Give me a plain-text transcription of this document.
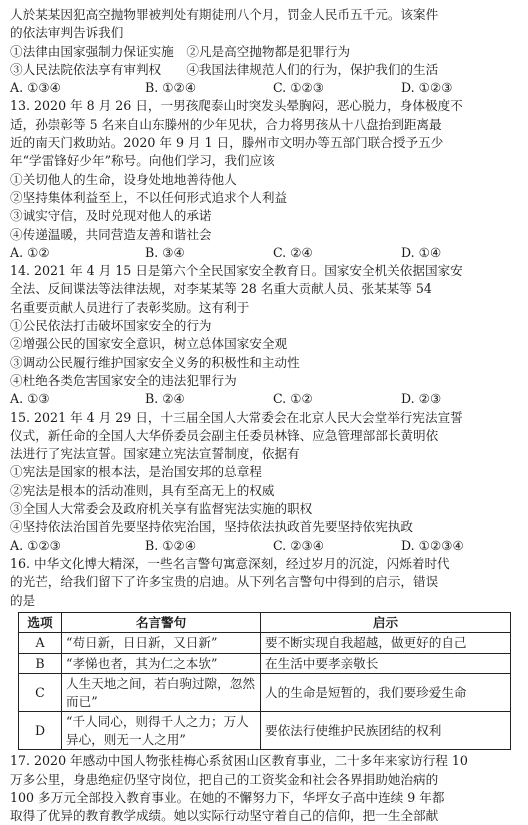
人於某某因犯高空抛物罪被判处有期徒刑八个月，罚金人民币五千元。该案件
的依法审判告诉我们
①法律由国家强制力保证实施　②凡是高空抛物都是犯罪行为
③人民法院依法享有审判权　　④我国法律规范人们的行为，保护我们的生活
A. ①③④	B. ①②④	C. ①②③	D. ①②③
13. 2020 年 8 月 26 日，一男孩爬泰山时突发头晕胸闷，恶心脱力，身体极度不
适，孙崇彰等 5 名来自山东滕州的少年见状，合力将男孩从十八盘抬到距离最
近的南天门救助站。2020 年 9 月 1 日，滕州市文明办等五部门联合授予五少
年“学雷锋好少年”称号。向他们学习，我们应该
①关切他人的生命，设身处地地善待他人
②坚持集体利益至上，不以任何形式追求个人利益
③诚实守信，及时兑现对他人的承诺
④传递温暖，共同营造友善和谐社会
A. ①②	B. ③④	C. ②④	D. ①④
14. 2021 年 4 月 15 日是第六个全民国家安全教育日。国家安全机关依据国家安
全法、反间谍法等法律法规，对李某某等 28 名重大贡献人员、张某某等 54
名重要贡献人员进行了表彰奖励。这有利于
①公民依法打击破坏国家安全的行为
②增强公民的国家安全意识，树立总体国家安全观
③调动公民履行维护国家安全义务的积极性和主动性
④杜绝各类危害国家安全的违法犯罪行为
A. ①③	B. ②④	C. ①②	D. ②③
15. 2021 年 4 月 29 日，十三届全国人大常委会在北京人民大会堂举行宪法宣誓
仪式，新任命的全国人大华侨委员会副主任委员林锋、应急管理部部长黄明依
法进行了宪法宣誓。国家建立宪法宣誓制度，依据有
①宪法是国家的根本法，是治国安邦的总章程
②宪法是根本的活动准则，具有至高无上的权威
③全国人大常委会及政府机关享有监督宪法实施的职权
④坚持依法治国首先要坚持依宪治国，坚持依法执政首先要坚持依宪执政
A. ①②③	B. ①②④	C. ②③④	D. ①②③④
16. 中华文化博大精深，一些名言警句寓意深刻，经过岁月的沉淀，闪烁着时代
的光芒，给我们留下了许多宝贵的启迪。从下列名言警句中得到的启示，错误
的是
选项	名言警句	启示
A	“苟日新，日日新，又日新”	要不断实现自我超越，做更好的自己
B	“孝悌也者，其为仁之本欤”	在生活中要孝亲敬长
C	人生天地之间，若白驹过隙，忽然而已”	人的生命是短暂的，我们要珍爱生命
D	“千人同心，则得千人之力；万人异心，则无一人之用”	要依法行使维护民族团结的权利
17. 2020 年感动中国人物张桂梅心系贫困山区教育事业，二十多年来家访行程 10
万多公里，身患绝症仍坚守岗位，把自己的工资奖金和社会各界捐助她治病的
100 多万元全部投入教育事业。在她的不懈努力下，华坪女子高中连续 9 年都
取得了优异的教育教学成绩。她以实际行动坚守着自己的信仰，把一生全部献
